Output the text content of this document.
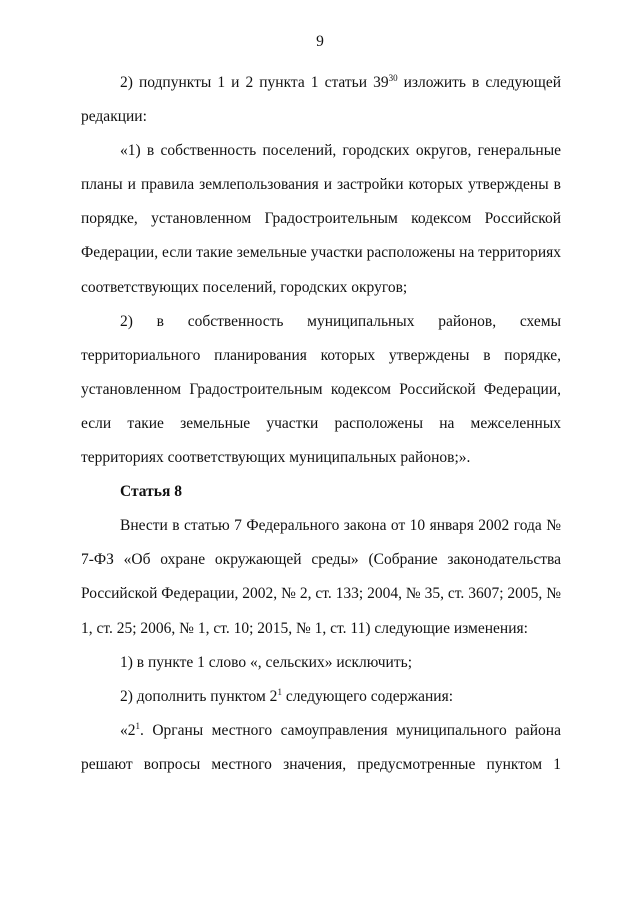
9

2) подпункты 1 и 2 пункта 1 статьи $39^{30}$ изложить в следующей редакции:

«1) в собственность поселений, городских округов, генеральные планы и правила землепользования и застройки которых утверждены в порядке, установленном Градостроительным кодексом Российской Федерации, если такие земельные участки расположены на территориях соответствующих поселений, городских округов;

2) в собственность муниципальных районов, схемы территориального планирования которых утверждены в порядке, установленном Градостроительным кодексом Российской Федерации, если такие земельные участки расположены на межселенных территориях соответствующих муниципальных районов;».

Статья 8

Внести в статью 7 Федерального закона от 10 января 2002 года № 7-ФЗ «Об охране окружающей среды» (Собрание законодательства Российской Федерации, 2002, № 2, ст. 133; 2004, № 35, ст. 3607; 2005, № 1, ст. 25; 2006, № 1, ст. 10; 2015, № 1, ст. 11) следующие изменения:

1) в пункте 1 слово «, сельских» исключить;

2) дополнить пунктом $2^1$ следующего содержания:

«$2^1$. Органы местного самоуправления муниципального района решают вопросы местного значения, предусмотренные пунктом 1
